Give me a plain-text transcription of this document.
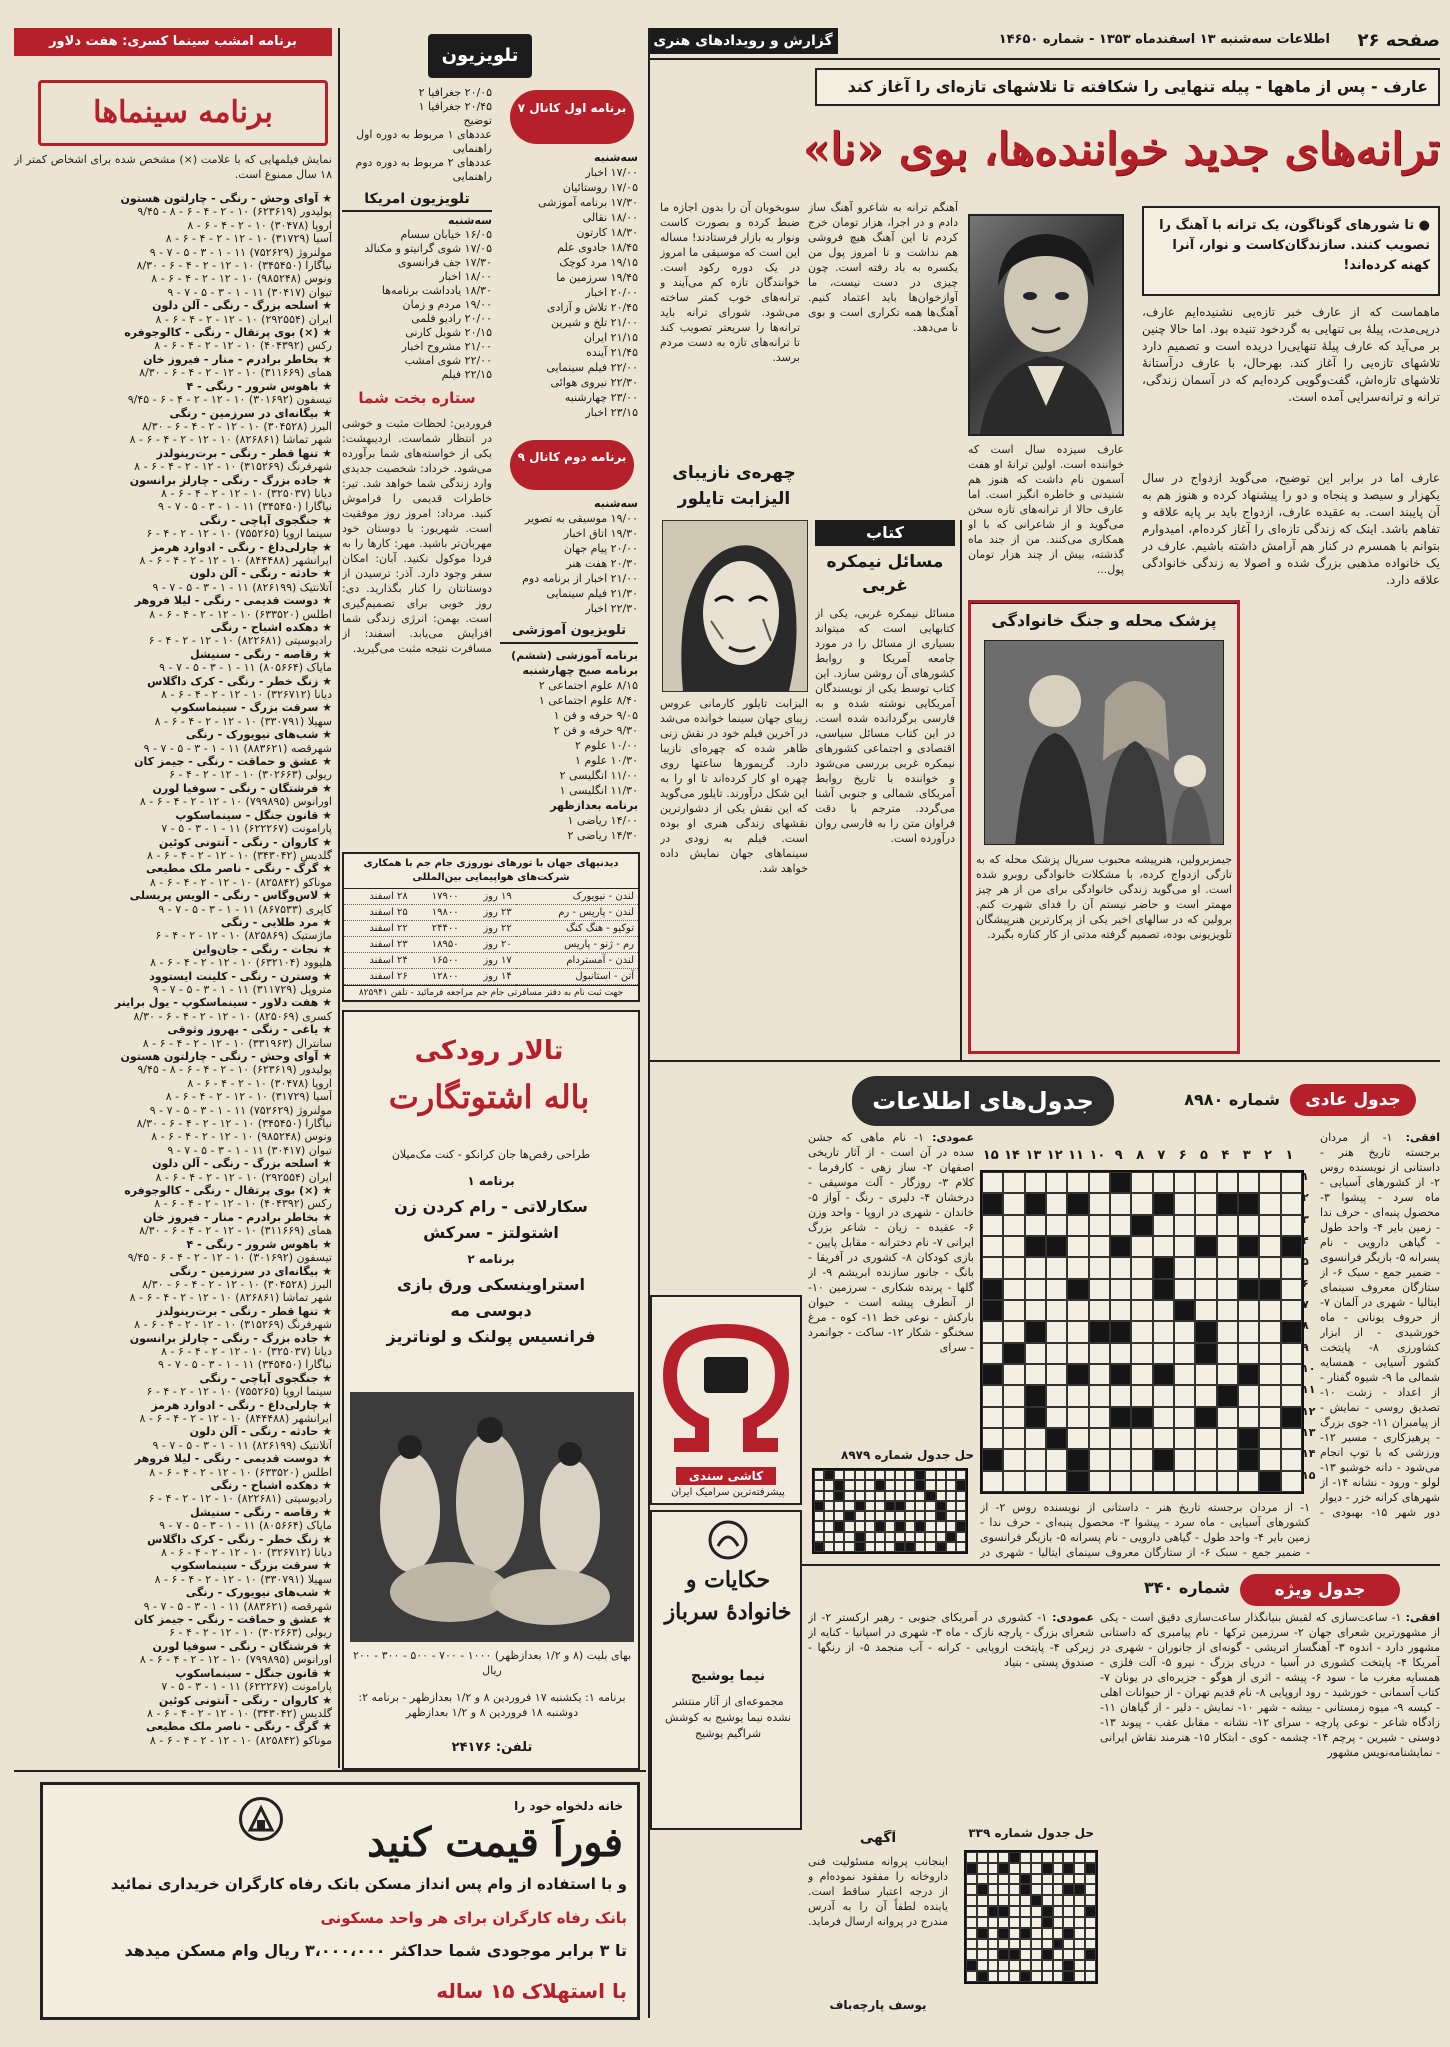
صفحه ۲۶
اطلاعات سه‌شنبه ۱۳ اسفندماه ۱۳۵۳ - شماره ۱۴۶۵۰
گزارش و رویدادهای هنری
عارف - پس از ماهها - پیله تنهایی را شکافته تا تلاشهای تازه‌ای را آغاز کند
ترانه‌های جدید خواننده‌ها، بوی «نا»
● تا شورها‌ی گوناگون، یک ترانه با آهنگ را تصویب کنند. سازندگان‌کاست و نوار، آنرا کهنه کرده‌اند!
ماهماست که از عارف خبر تازه‌یی نشنیده‌ایم عارف، درپی‌مدت، پیلهٔ بی تنهایی‌ به گردخود تنیده بود. اما حالا چنین بر می‌آید که عارف پیلهٔ تنهایی‌را دریده است و تصمیم دارد تلاشهای تازه‌یی را آغاز کند. بهرحال، با عارف درآستانهٔ تلاشهای تازه‌اش، گفت‌وگویی کرده‌ایم که در آسمان زندگی، ترانه و ترانه‌سرایی آمده است.
عارف اما در برابر این توضیح، می‌گوید ازدواج در سال یکهزار و سیصد و پنجاه و دو را پیشنهاد کرده و هنوز هم به آن پایبند است. به عقیده عارف، ازدواج باید بر پایه علاقه و تفاهم باشد. اینک که زندگی تازه‌ای را آغاز کرده‌ام، امیدوارم بتوانم با همسرم در کنار هم آرامش داشته باشیم. عارف در یک خانواده مذهبی بزرگ شده و اصولا به زندگی خانوادگی علاقه دارد.
عارف سیزده سال است که خواننده است. اولین ترانهٔ او هفت آسمون نام داشت که هنوز هم شنیدنی و خاطره انگیز است. اما عارف حالا از ترانه‌های تازه سخن می‌گوید و از شاعرانی که با او همکاری می‌کنند. من از جند ماه گذشته، بیش از چند هزار تومان پول...
آهنگم ترانه به شاعرو آهنگ ساز دادم و در اجرا، هزار تومان خرج کردم تا این آهنگ هیچ فروشی هم نداشت و تا امروز پول من یکسره به باد رفته است. چون چیزی در دست نیست، ما آوازخوان‌ها باید اعتماد کنیم. آهنگ‌ها همه تکراری است و بوی نا می‌دهد.
سوبخوبان آن را بدون اجازه ما ضبط کرده و بصورت کاست ونوار به بازار فرستادند! مساله این است که موسیقی ما امروز در یک دوره رکود است. خوانندگان تازه کم می‌آیند و ترانه‌های خوب کمتر ساخته می‌شود. شورای ترانه باید ترانه‌ها را سریعتر تصویب کند تا ترانه‌های تازه به دست مردم برسد.
کتاب
مسائل نیمکره غربی
مسائل نیمکره غربی، یکی از کتابهایی است که میتواند بسیاری از مسائل را در مورد جامعه آمریکا و روابط کشورهای آن روشن سازد. این کتاب توسط یکی از نویسندگان آمریکایی نوشته شده و به فارسی برگردانده شده است. در این کتاب مسائل سیاسی، اقتصادی و اجتماعی کشورهای نیمکره غربی بررسی می‌شود و خواننده با تاریخ روابط آمریکای شمالی و جنوبی آشنا می‌گردد. مترجم با دقت فراوان متن را به فارسی روان درآورده است.
چهره‌ی نازیبای الیزابت تایلور
الیزابت تایلور کارمانی عروس زیبای جهان سینما خوانده می‌شد در آخرین فیلم خود در نقش زنی ظاهر شده که چهره‌ای نازیبا دارد. گریمورها ساعتها روی چهره او کار کرده‌اند تا او را به این شکل درآورند. تایلور می‌گوید که این نقش یکی از دشوارترین نقشهای زندگی هنری او بوده است. فیلم به زودی در سینماهای جهان نمایش داده خواهد شد.
پزشک محله و جنگ خانوادگی
جیمزبرولین، هنرپیشه محبوب سریال پزشک محله که به تازگی ازدواج کرده، با مشکلات خانوادگی روبرو شده است. او می‌گوید زندگی خانوادگی برای من از هر چیز مهمتر است و حاضر نیستم آن را فدای شهرت کنم. برولین که در سالهای اخیر یکی از پرکارترین هنرپیشگان تلویزیونی بوده، تصمیم گرفته مدتی از کار کناره بگیرد.
جدول عادی
شماره ۸۹۸۰
جدول‌های اطلاعات
افقی: ۱- از مردان برجسته تاریخ هنر - داستانی از نویسنده روس ۲- از کشورهای آسیایی - ماه سرد - پیشوا ۳- محصول پنبه‌ای - حرف ندا - زمین بایر ۴- واحد طول - گیاهی دارویی - نام پسرانه ۵- بازیگر فرانسوی - ضمیر جمع - سبک ۶- از ستارگان معروف سینمای ایتالیا - شهری در آلمان ۷- از حروف یونانی - ماه خورشیدی - از ابزار کشاورزی ۸- پایتخت کشور آسیایی - همسایه شمالی ما ۹- شیوه گفتار - از اعداد - زشت ۱۰- تصدیق روسی - نمایش - از پیامبران ۱۱- جوی بزرگ - پرهیزکاری - مسیر ۱۲- ورزشی که با توپ انجام می‌شود - دانه خوشبو ۱۳- لولو - ورود - نشانه ۱۴- از شهرهای کرانه خزر - دیوار دور شهر ۱۵- بهبودی -
۱
۲
۳
۴
۵
۶
۷
۸
۹
۱۰
۱۱
۱۲
۱۳
۱۴
۱۵
۱
۲
۳
۴
۵
۶
۷
۸
۹
۱۰
۱۱
۱۲
۱۳
۱۴
۱۵
عمودی: ۱- نام ماهی که جشن سده در آن است - از آثار تاریخی اصفهان ۲- ساز زهی - کارفرما - کلام ۳- روزگار - آلت موسیقی - درخشان ۴- دلیری - رنگ - آواز ۵- خاندان - شهری در اروپا - واحد وزن ۶- عقیده - زیان - شاعر بزرگ ایرانی ۷- نام دخترانه - مقابل پایین - بازی کودکان ۸- کشوری در آفریقا - بانگ - جانور سازنده ابریشم ۹- از گلها - پرنده شکاری - سرزمین ۱۰- از آنطرف پیشه است - حیوان بارکش - نوعی خط ۱۱- کوه - مرغ سخنگو - شکار ۱۲- ساکت - جوانمرد - سرای
حل جدول شماره ۸۹۷۹
۱- از مردان برجسته تاریخ هنر - داستانی از نویسنده روس ۲- از کشورهای آسیایی - ماه سرد - پیشوا ۳- محصول پنبه‌ای - حرف ندا - زمین بایر ۴- واحد طول - گیاهی دارویی - نام پسرانه ۵- بازیگر فرانسوی - ضمیر جمع - سبک ۶- از ستارگان معروف سینمای ایتالیا - شهری در
جدول ویژه
شماره ۳۴۰
افقی: ۱- ساعت‌سازی که لقبش بنیانگذار ساعت‌سازی دقیق است - یکی از مشهورترین شعرای جهان ۲- سرزمین ترکها - نام پیامبری که داستانی مشهور دارد - اندوه ۳- آهنگساز اتریشی - گونه‌ای از جانوران - شهری در آمریکا ۴- پایتخت کشوری در آسیا - دریای بزرگ - نیرو ۵- آلت فلزی - همسایه مغرب ما - سود ۶- پیشه - اثری از هوگو - جزیره‌ای در یونان ۷- کتاب آسمانی - خورشید - رود اروپایی ۸- نام قدیم تهران - از حیوانات اهلی - کیسه ۹- میوه زمستانی - بیشه - شهر ۱۰- نمایش - دلیر - از گیاهان ۱۱- زادگاه شاعر - نوعی پارچه - سرای ۱۲- نشانه - مقابل عقب - پیوند ۱۳- دوستی - شیرین - پرچم ۱۴- چشمه - کوی - ابتکار ۱۵- هنرمند نقاش ایرانی - نمایشنامه‌نویس مشهور
عمودی: ۱- کشوری در آمریکای جنوبی - رهبر ارکستر ۲- از شعرای بزرگ - پارچه نازک - ماه ۳- شهری در اسپانیا - کنایه از زیرکی ۴- پایتخت اروپایی - کرانه - آب منجمد ۵- از رنگها - صندوق پستی - بنیاد
حل جدول شماره ۳۳۹
آگهی
اینجانب پروانه مسئولیت فنی داروخانه را مفقود نموده‌ام و از درجه اعتبار ساقط است. یابنده لطفاً آن را به آدرس مندرج در پروانه ارسال فرماید.
یوسف پارچه‌باف
کاشی سندی
پیشرفته‌ترین سرامیک ایران
حکایات و خانوادهٔ سرباز
نیما یوشیج
مجموعه‌ای از آثار منتشر نشده نیما یوشیج به کوشش شراگیم یوشیج
تلویزیون
۲۰/۰۵ جغرافیا ۲
۲۰/۴۵ جغرافیا ۱
توضیح
عددهای ۱ مربوط به دوره اول
راهنمایی
عددهای ۲ مربوط به دوره دوم
راهنمایی
برنامه اول کانال ۷
سه‌شنبه
۱۷/۰۰ اخبار
۱۷/۰۵ روستائیان
۱۷/۳۰ برنامه آموزشی
۱۸/۰۰ نقالی
۱۸/۳۰ کارتون
۱۸/۴۵ جادوی علم
۱۹/۱۵ مرد کوچک
۱۹/۴۵ سرزمین ما
۲۰/۰۰ اخبار
۲۰/۴۵ تلاش و آزادی
۲۱/۰۰ تلخ و شیرین
۲۱/۱۵ ایران
۲۱/۴۵ آینده
۲۲/۰۰ فیلم سینمایی
۲۲/۳۰ نیروی هوائی
۲۳/۰۰ چهارشنبه
۲۳/۱۵ اخبار
تلویزیون امریکا
سه‌شنبه
۱۶/۰۵ خیابان سسام
۱۷/۰۵ شوی گرانیتو و مکنالد
۱۷/۳۰ جف فرانسوی
۱۸/۰۰ اخبار
۱۸/۳۰ یادداشت برنامه‌ها
۱۹/۰۰ مردم و زمان
۲۰/۰۰ رادیو فلمی
۲۰/۱۵ شوبل کارنی
۲۱/۰۰ مشروح اخبار
۲۲/۰۰ شوی امشب
۲۲/۱۵ فیلم
ستاره بخت شما
فروردین: لحظات مثبت و خوشی در انتظار شماست. اردیبهشت: یکی از خواسته‌های شما برآورده می‌شود. خرداد: شخصیت جدیدی وارد زندگی شما خواهد شد. تیر: خاطرات قدیمی را فراموش کنید. مرداد: امروز روز موفقیت است. شهریور: با دوستان خود مهربان‌تر باشید. مهر: کارها را به فردا موکول نکنید. آبان: امکان سفر وجود دارد. آذر: ترسیدن از دوستانتان را کنار بگذارید. دی: روز خوبی برای تصمیم‌گیری است. بهمن: انرژی زندگی شما افزایش می‌یابد. اسفند: از مسافرت نتیجه مثبت می‌گیرید.
برنامه دوم کانال ۹
سه‌شنبه
۱۹/۰۰ موسیقی به تصویر
۱۹/۳۰ اتاق اخبار
۲۰/۰۰ پیام جهان
۲۰/۳۰ هفت هنر
۲۱/۰۰ اخبار از برنامه دوم
۲۱/۳۰ فیلم سینمایی
۲۲/۳۰ اخبار
تلویزیون آموزشی
برنامه آموزشی (ششم)
برنامه صبح چهارشنبه
۸/۱۵ علوم اجتماعی ۲
۸/۴۰ علوم اجتماعی ۱
۹/۰۵ حرفه و فن ۱
۹/۳۰ حرفه و فن ۲
۱۰/۰۰ علوم ۲
۱۰/۳۰ علوم ۱
۱۱/۰۰ انگلیسی ۲
۱۱/۳۰ انگلیسی ۱
برنامه بعدازظهر
۱۴/۰۰ ریاضی ۱
۱۴/۳۰ ریاضی ۲
دیدنیهای جهان با تورهای نوروزی جام جم با همکاری شرکت‌های هواپیمایی بین‌المللی
لندن - نیویورک	۱۹ روز	۱۷۹۰۰	۲۸ اسفند
لندن - پاریس - رم	۲۳ روز	۱۹۸۰۰	۲۵ اسفند
توکیو - هنگ کنگ	۲۲ روز	۲۴۴۰۰	۲۲ اسفند
رم - ژنو - پاریس	۲۰ روز	۱۸۹۵۰	۲۳ اسفند
لندن - آمستردام	۱۷ روز	۱۶۵۰۰	۲۴ اسفند
آتن - استانبول	۱۴ روز	۱۲۸۰۰	۲۶ اسفند
جهت ثبت نام به دفتر مسافرتی جام جم مراجعه فرمائید - تلفن ۸۲۵۹۴۱
تالار رودکی
باله اشتوتگارت
طراحی رقص‌ها جان کرانکو - کنت مک‌میلان
برنامه ۱
سکارلاتی - رام کردن زن
اشتولتز - سرکش
برنامه ۲
استراوینسکی ورق بازی
دبوسی مه
فرانسیس پولنک و لوناتریز
بهای بلیت (۸ و ۱/۲ بعدازظهر) ۱۰۰۰ - ۷۰۰ - ۵۰۰ - ۳۰۰ - ۲۰۰ ریال
برنامه ۱: یکشنبه ۱۷ فروردین ۸ و ۱/۲ بعدازظهر - برنامه ۲: دوشنبه ۱۸ فروردین ۸ و ۱/۲ بعدازظهر
تلفن: ۲۴۱۷۶
برنامه امشب سینما کسری: هفت دلاور
برنامه سینماها
نمایش فیلمهایی که با علامت (×) مشخص شده برای اشخاص کمتر از ۱۸ سال ممنوع است.
★ آوای وحش - رنگی - چارلتون هستون
پولیدور (۶۲۳۶۱۹) ۱۰ - ۲ - ۴ - ۶ - ۸ - ۹/۴۵
اروپا (۳۰۴۷۸) ۱۰ - ۲ - ۴ - ۶ - ۸
آسیا (۳۱۷۲۹) ۱۰ - ۱۲ - ۲ - ۴ - ۶ - ۸
مولنروژ (۷۵۲۶۲۹) ۱۱ - ۱ - ۳ - ۵ - ۷ - ۹
نیاگارا (۳۴۵۴۵۰) ۱۰ - ۱۲ - ۲ - ۴ - ۶ - ۸/۳۰
ونوس (۹۸۵۲۴۸) ۱۰ - ۱۲ - ۲ - ۴ - ۶ - ۸
تیوان (۳۰۴۱۷) ۱۱ - ۱ - ۳ - ۵ - ۷ - ۹
★ اسلحه بزرگ - رنگی - آلن دلون
ایران (۲۹۲۵۵۴) ۱۰ - ۱۲ - ۲ - ۴ - ۶ - ۸
★ (×) بوی پرتقال - رنگی - کالوجوفره
رکس (۴۰۴۳۹۲) ۱۰ - ۱۲ - ۲ - ۴ - ۶ - ۸
★ بخاطر برادرم - منار - فیروز خان
همای (۳۱۱۶۶۹) ۱۰ - ۱۲ - ۲ - ۴ - ۶ - ۸/۳۰
★ باهوس شرور - رنگی - ۴
تیسفون (۳۰۱۶۹۲) ۱۰ - ۱۲ - ۲ - ۴ - ۶ - ۹/۴۵
★ بیگانه‌ای در سرزمین - رنگی
البرز (۳۰۴۵۲۸) ۱۰ - ۱۲ - ۲ - ۴ - ۶ - ۸/۳۰
شهر تماشا (۸۲۶۸۶۱) ۱۰ - ۱۲ - ۲ - ۴ - ۶ - ۸
★ تنها قطر - رنگی - برت‌رینولدز
شهرفرنگ (۳۱۵۲۶۹) ۱۰ - ۱۲ - ۲ - ۴ - ۶ - ۸
★ جاده بزرگ - رنگی - چارلز برانسون
دیانا (۳۲۵۰۳۷) ۱۰ - ۱۲ - ۲ - ۴ - ۶ - ۸
نیاگارا (۳۴۵۴۵۰) ۱۱ - ۱ - ۳ - ۵ - ۷ - ۹
★ جنگجوی آپاچی - رنگی
سینما اروپا (۷۵۵۲۶۵) ۱۰ - ۱۲ - ۲ - ۴ - ۶
★ چارلی‌داغ - رنگی - ادوارد هرمز
ایرانشهر (۸۴۴۴۸۸) ۱۰ - ۱۲ - ۲ - ۴ - ۶ - ۸
★ حادثه - رنگی - آلن دلون
آتلانتیک (۸۲۶۱۹۹) ۱۱ - ۱ - ۳ - ۵ - ۷ - ۹
★ دوست قدیمی - رنگی - لیلا فروهر
اطلس (۶۳۳۵۲۰) ۱۰ - ۱۲ - ۲ - ۴ - ۶ - ۸
★ دهکده اشباح - رنگی
رادیوسیتی (۸۲۲۶۸۱) ۱۰ - ۱۲ - ۲ - ۴ - ۶
★ رقاصه - رنگی - سنیشل
مایاک (۸۰۵۶۶۴) ۱۱ - ۱ - ۳ - ۵ - ۷ - ۹
★ زنگ خطر - رنگی - کرک داگلاس
دیانا (۳۲۶۷۱۲) ۱۰ - ۱۲ - ۲ - ۴ - ۶ - ۸
★ سرقت بزرگ - سینماسکوپ
سهیلا (۳۳۰۷۹۱) ۱۰ - ۱۲ - ۲ - ۴ - ۶ - ۸
★ شب‌های نیویورک - رنگی
شهرقصه (۸۸۳۶۲۱) ۱۱ - ۱ - ۳ - ۵ - ۷ - ۹
★ عشق و حماقت - رنگی - جیمز کان
ریولی (۳۰۲۶۶۳) ۱۰ - ۱۲ - ۲ - ۴ - ۶
★ فرشتگان - رنگی - سوفیا لورن
اورانوس (۷۹۹۸۹۵) ۱۰ - ۱۲ - ۲ - ۴ - ۶ - ۸
★ قانون جنگل - سینماسکوپ
پارامونت (۶۲۲۲۶۷) ۱۱ - ۱ - ۳ - ۵ - ۷
★ کاروان - رنگی - آنتونی کوئین
گلدیس (۳۴۳۰۴۲) ۱۰ - ۱۲ - ۲ - ۴ - ۶ - ۸
★ گرگ - رنگی - ناصر ملک مطیعی
موناکو (۸۲۵۸۴۲) ۱۰ - ۱۲ - ۲ - ۴ - ۶ - ۸
★ لاس‌وگاس - رنگی - الویس پریسلی
کاپری (۸۶۷۵۳۳) ۱۱ - ۱ - ۳ - ۵ - ۷ - ۹
★ مرد طلایی - رنگی
ماژستیک (۸۲۵۸۶۹) ۱۰ - ۱۲ - ۲ - ۴ - ۶
★ نجات - رنگی - جان‌واین
هلیوود (۶۳۲۱۰۴) ۱۰ - ۱۲ - ۲ - ۴ - ۶ - ۸
★ وسترن - رنگی - کلینت ایستوود
متروپل (۳۱۱۷۲۹) ۱۱ - ۱ - ۳ - ۵ - ۷ - ۹
★ هفت دلاور - سینماسکوپ - یول براینر
کسری (۸۲۵۰۶۹) ۱۰ - ۱۲ - ۲ - ۴ - ۶ - ۸/۳۰
★ یاغی - رنگی - بهروز وثوقی
سانترال (۳۳۱۹۶۳) ۱۰ - ۱۲ - ۲ - ۴ - ۶ - ۸
★ آوای وحش - رنگی - چارلتون هستون
پولیدور (۶۲۳۶۱۹) ۱۰ - ۲ - ۴ - ۶ - ۸ - ۹/۴۵
اروپا (۳۰۴۷۸) ۱۰ - ۲ - ۴ - ۶ - ۸
آسیا (۳۱۷۲۹) ۱۰ - ۱۲ - ۲ - ۴ - ۶ - ۸
مولنروژ (۷۵۲۶۲۹) ۱۱ - ۱ - ۳ - ۵ - ۷ - ۹
نیاگارا (۳۴۵۴۵۰) ۱۰ - ۱۲ - ۲ - ۴ - ۶ - ۸/۳۰
ونوس (۹۸۵۲۴۸) ۱۰ - ۱۲ - ۲ - ۴ - ۶ - ۸
تیوان (۳۰۴۱۷) ۱۱ - ۱ - ۳ - ۵ - ۷ - ۹
★ اسلحه بزرگ - رنگی - آلن دلون
ایران (۲۹۲۵۵۴) ۱۰ - ۱۲ - ۲ - ۴ - ۶ - ۸
★ (×) بوی پرتقال - رنگی - کالوجوفره
رکس (۴۰۴۳۹۲) ۱۰ - ۱۲ - ۲ - ۴ - ۶ - ۸
★ بخاطر برادرم - منار - فیروز خان
همای (۳۱۱۶۶۹) ۱۰ - ۱۲ - ۲ - ۴ - ۶ - ۸/۳۰
★ باهوس شرور - رنگی - ۴
تیسفون (۳۰۱۶۹۲) ۱۰ - ۱۲ - ۲ - ۴ - ۶ - ۹/۴۵
★ بیگانه‌ای در سرزمین - رنگی
البرز (۳۰۴۵۲۸) ۱۰ - ۱۲ - ۲ - ۴ - ۶ - ۸/۳۰
شهر تماشا (۸۲۶۸۶۱) ۱۰ - ۱۲ - ۲ - ۴ - ۶ - ۸
★ تنها قطر - رنگی - برت‌رینولدز
شهرفرنگ (۳۱۵۲۶۹) ۱۰ - ۱۲ - ۲ - ۴ - ۶ - ۸
★ جاده بزرگ - رنگی - چارلز برانسون
دیانا (۳۲۵۰۳۷) ۱۰ - ۱۲ - ۲ - ۴ - ۶ - ۸
نیاگارا (۳۴۵۴۵۰) ۱۱ - ۱ - ۳ - ۵ - ۷ - ۹
★ جنگجوی آپاچی - رنگی
سینما اروپا (۷۵۵۲۶۵) ۱۰ - ۱۲ - ۲ - ۴ - ۶
★ چارلی‌داغ - رنگی - ادوارد هرمز
ایرانشهر (۸۴۴۴۸۸) ۱۰ - ۱۲ - ۲ - ۴ - ۶ - ۸
★ حادثه - رنگی - آلن دلون
آتلانتیک (۸۲۶۱۹۹) ۱۱ - ۱ - ۳ - ۵ - ۷ - ۹
★ دوست قدیمی - رنگی - لیلا فروهر
اطلس (۶۳۳۵۲۰) ۱۰ - ۱۲ - ۲ - ۴ - ۶ - ۸
★ دهکده اشباح - رنگی
رادیوسیتی (۸۲۲۶۸۱) ۱۰ - ۱۲ - ۲ - ۴ - ۶
★ رقاصه - رنگی - سنیشل
مایاک (۸۰۵۶۶۴) ۱۱ - ۱ - ۳ - ۵ - ۷ - ۹
★ زنگ خطر - رنگی - کرک داگلاس
دیانا (۳۲۶۷۱۲) ۱۰ - ۱۲ - ۲ - ۴ - ۶ - ۸
★ سرقت بزرگ - سینماسکوپ
سهیلا (۳۳۰۷۹۱) ۱۰ - ۱۲ - ۲ - ۴ - ۶ - ۸
★ شب‌های نیویورک - رنگی
شهرقصه (۸۸۳۶۲۱) ۱۱ - ۱ - ۳ - ۵ - ۷ - ۹
★ عشق و حماقت - رنگی - جیمز کان
ریولی (۳۰۲۶۶۳) ۱۰ - ۱۲ - ۲ - ۴ - ۶
★ فرشتگان - رنگی - سوفیا لورن
اورانوس (۷۹۹۸۹۵) ۱۰ - ۱۲ - ۲ - ۴ - ۶ - ۸
★ قانون جنگل - سینماسکوپ
پارامونت (۶۲۲۲۶۷) ۱۱ - ۱ - ۳ - ۵ - ۷
★ کاروان - رنگی - آنتونی کوئین
گلدیس (۳۴۳۰۴۲) ۱۰ - ۱۲ - ۲ - ۴ - ۶ - ۸
★ گرگ - رنگی - ناصر ملک مطیعی
موناکو (۸۲۵۸۴۲) ۱۰ - ۱۲ - ۲ - ۴ - ۶ - ۸
خانه دلخواه خود را
فوراً قیمت کنید
و با استفاده از وام پس انداز مسکن بانک رفاه کارگران خریداری نمائید
بانک رفاه کارگران برای هر واحد مسکونی
تا ۳ برابر موجودی شما حداکثر ۳،۰۰۰،۰۰۰ ریال وام مسکن میدهد
با استهلاک ۱۵ ساله
